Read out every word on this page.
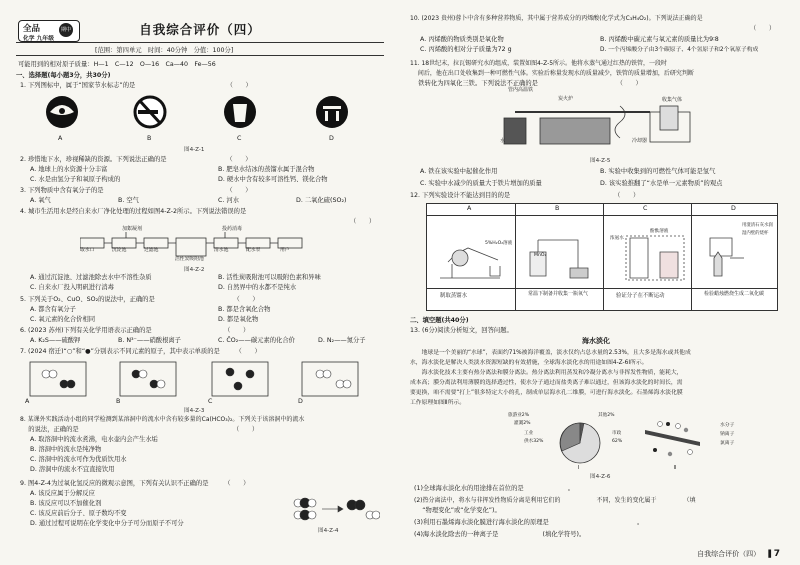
全品
化学 九年级
期中	自我综合评价（四）
[范围：第四单元　时间：40分钟　分值：100分]
可能用到的相对原子质量：H—1　C—12　O—16　Ca—40　Fe—56
一、选择题(每小题3分，共30分)
1. 下列图标中，属于“国家节水标志”的是　　　　　　　　　　　　　　　（　　）
A	B	C	D
图4-Z-1
2. 珍惜地下水，珍视稀缺的资源。下列说法正确的是　　　　　　　　　　（　　）
A. 地球上的水资源十分丰富	B. 肥皂水结冰的蒸馏水属于混合物
C. 水是由氢分子和氧原子构成的	D. 硬水中含有较多可溶性钙、镁化合物
3. 下列物质中含有氧分子的是　　　　　　　　　　　　　　　　　　　　（　　）
A. 氧气	B. 空气	C. 河水	D. 二氧化硫(SO₂)
4. 城市生活用水是经自来水厂净化处理的过程如图4-Z-2所示。下列说法错误的是
（　　）
加絮凝剂	投药消毒
取水口	沉淀池	过滤池
活性炭吸附池
清水池	配水泵	用户
图4-Z-2
A. 通过沉淀池、过滤池除去水中不溶性杂质	B. 活性炭吸附池可以吸附色素和异味
C. 自来水厂投入明矾进行消毒	D. 自然界中的水都不是纯水
5. 下列关于O₂、CuO、SO₂的说法中，正确的是　　　　　　　　　　　　　（　　）
A. 都含有氧分子	B. 都是含氧化合物
C. 氧元素的化合价相同	D. 都是氧化物
6. (2023 苏州)下列有关化学用语表示正确的是　　　　　　　　　　　　（　　）
A. K₂S——硫酸钾	B. N³⁻——硝酸根离子	C. C̄O₂——碳元素的化合价	D. N₂——氮分子
7. (2024 宿迁)“○”和“●”分别表示不同元素的原子，其中表示单质的是　　　（　　）
A	B	C	D
图4-Z-3
8. 某课外实践活动小组的同学检测到某溶洞中的流水中含有较多量的Ca(HCO₃)₂。下列关于该溶洞中的流水
　 的说法，正确的是　　　　　　　　　　　　　　　　　　　　　　　　　（　　）
A. 取溶洞中的流水煮沸，电水壶内会产生水垢
B. 溶洞中的流水是纯净物
C. 溶洞中的流水可作为优质饮用水
D. 溶洞中的流水不宜直接饮用
9. 图4-Z-4为过氧化氢反应的微观示意图，下列有关认识不正确的是　　　（　　）
A. 该反应属于分解反应
B. 该反应可以不加催化剂
C. 该反应前后分子、原子数均不变
D. 通过过程可说明在化学变化中分子可分而原子不可分
图4-Z-4
10. (2023 贵州)蓉卜中含有多种营养物质，其中属于营养成分的丙烯酸(化学式为C₃H₄O₂)。下列说法正确的是
（　　）
A. 丙烯酸的物质类别是氧化物	B. 丙烯酸中碳元素与氧元素的质量比为9∶8
C. 丙烯酸的相对分子质量为72 g	D. 一个丙烯酸分子由3个碳原子、4个氢原子和2个氧原子构成
11. 18世纪末，拉瓦锡研究水的组成，装置如图4-Z-5所示。他将水蒸气通过红热的铁管，一段时
　 间后，他在出口处收集到一种可燃性气体。实验后称量发现水的质量减少，铁管的质量增加，后研究判断
　 铁转化为四氧化三铁。下列说法不正确的是　　　　　　　　　　　　　（　　）
管内高温铁
炭火炉
冷却器
收集气体
水
图4-Z-5
A. 铁在该实验中起催化作用	B. 实验中收集到的可燃性气体可能是氢气
C. 实验中水减少的质量大于铁片增加的质量	D. 该实验推翻了“水是单一元素物质”的观点
12. 下列实验设计不能达到目的的是　　　　　　　　　　　　　　　　　（　　）
A	B	C	D
5%H₂O₂溶液
MnO₂
浓氨水
酚酞溶液
用澄清石灰水润湿内壁的烧杯
制取蒸馏水	常温下制备并收集一瓶氧气	验证分子在不断运动	检验蜡烛燃烧生成二氧化碳
二、填空题(共40分)
13. (6分)阅读分析短文，回答问题。
海水淡化
　　地球是一个美丽的“水球”，表面约71%被海洋覆盖，淡水仅约占总水量的2.53%，且大多是海水或其他成
水，海水淡化是解决人类淡水资源短缺的有效措施，全球海水淡化水的用途如图4-Z-6Ⅰ所示。
　　海水淡化技术主要有热分离法和膜分离法。热分离法利用蒸发和冷凝分离水与非挥发性物质，能耗大，
成本高；膜分离法利用薄膜的选择透过性，使水分子通过而盐类离子难以通过，但该海水淡化的时间长，需
要更换，咱不需要“打上”很多特定大小的孔，制成单层海水孔二维膜，可进行海水淡化。石墨烯海水淡化膜
工作原理如图Ⅱ所示。
旅游业2%	其他2%
灌溉2%
市政
工业
供水32%	62%
Ⅰ	Ⅱ
水分子
钠离子
氯离子
图4-Z-6
(1)全球海水淡化水的用途排在首位的是　　　　　　　。
(2)热分离法中，将水与非挥发性物质分离是利用它们的　　　　　　不同，发生的变化属于　　　　　（填
　 “物理变化”或“化学变化”)。
(3)利用石墨烯海水淡化膜进行海水淡化的原理是　　　　　　　　　　　　　　。
(4)海水淡化除去的一种离子是　　　　　　　(填化学符号)。
自我综合评价（四） ▌7
